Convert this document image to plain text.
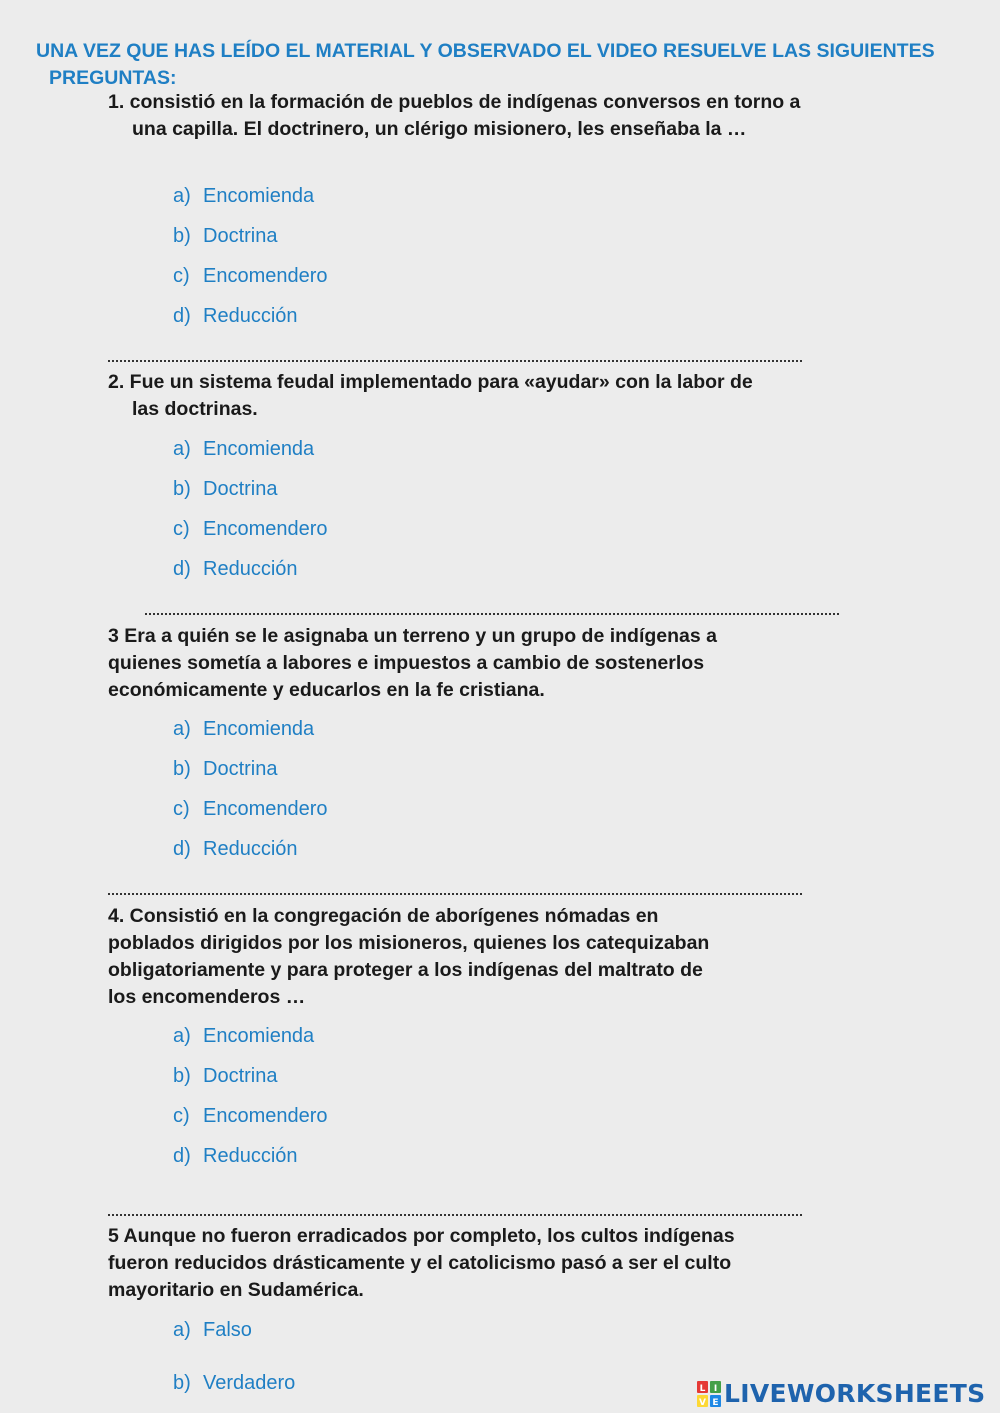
UNA VEZ QUE HAS LEÍDO EL MATERIAL Y OBSERVADO EL VIDEO RESUELVE LAS SIGUIENTES
PREGUNTAS:

1. consistió en la formación de pueblos de indígenas conversos en torno a una capilla. El doctrinero, un clérigo misionero, les enseñaba la …

a) Encomienda
b) Doctrina
c) Encomendero
d) Reducción

2. Fue un sistema feudal implementado para «ayudar» con la labor de las doctrinas.

a) Encomienda
b) Doctrina
c) Encomendero
d) Reducción

3 Era a quién se le asignaba un terreno y un grupo de indígenas a quienes sometía a labores e impuestos a cambio de sostenerlos económicamente y educarlos en la fe cristiana.

a) Encomienda
b) Doctrina
c) Encomendero
d) Reducción

4. Consistió en la congregación de aborígenes nómadas en poblados dirigidos por los misioneros, quienes los catequizaban obligatoriamente y para proteger a los indígenas del maltrato de los encomenderos …

a) Encomienda
b) Doctrina
c) Encomendero
d) Reducción

5 Aunque no fueron erradicados por completo, los cultos indígenas fueron reducidos drásticamente y el catolicismo pasó a ser el culto mayoritario en Sudamérica.

a) Falso
b) Verdadero	L I
V E LIVEWORKSHEETS
